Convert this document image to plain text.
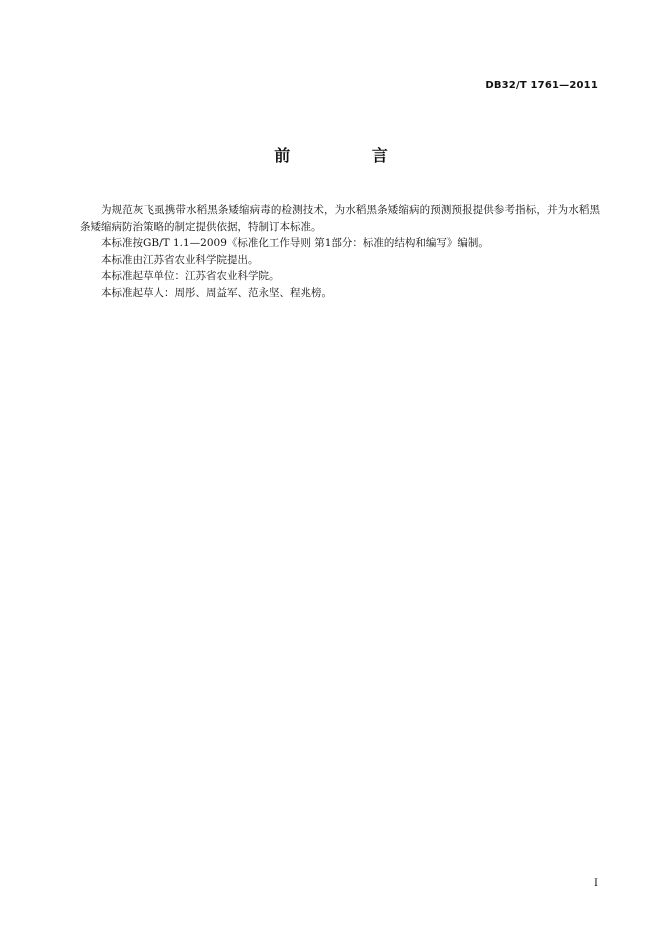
DB32/T 1761—2011
前 言

为规范灰飞虱携带水稻黑条矮缩病毒的检测技术，为水稻黑条矮缩病的预测预报提供参考指标，并为水稻黑条矮缩病防治策略的制定提供依据，特制订本标准。

本标准按GB/T 1.1—2009《标准化工作导则 第1部分：标准的结构和编写》编制。

本标准由江苏省农业科学院提出。

本标准起草单位：江苏省农业科学院。

本标准起草人：周彤、周益军、范永坚、程兆榜。

I
